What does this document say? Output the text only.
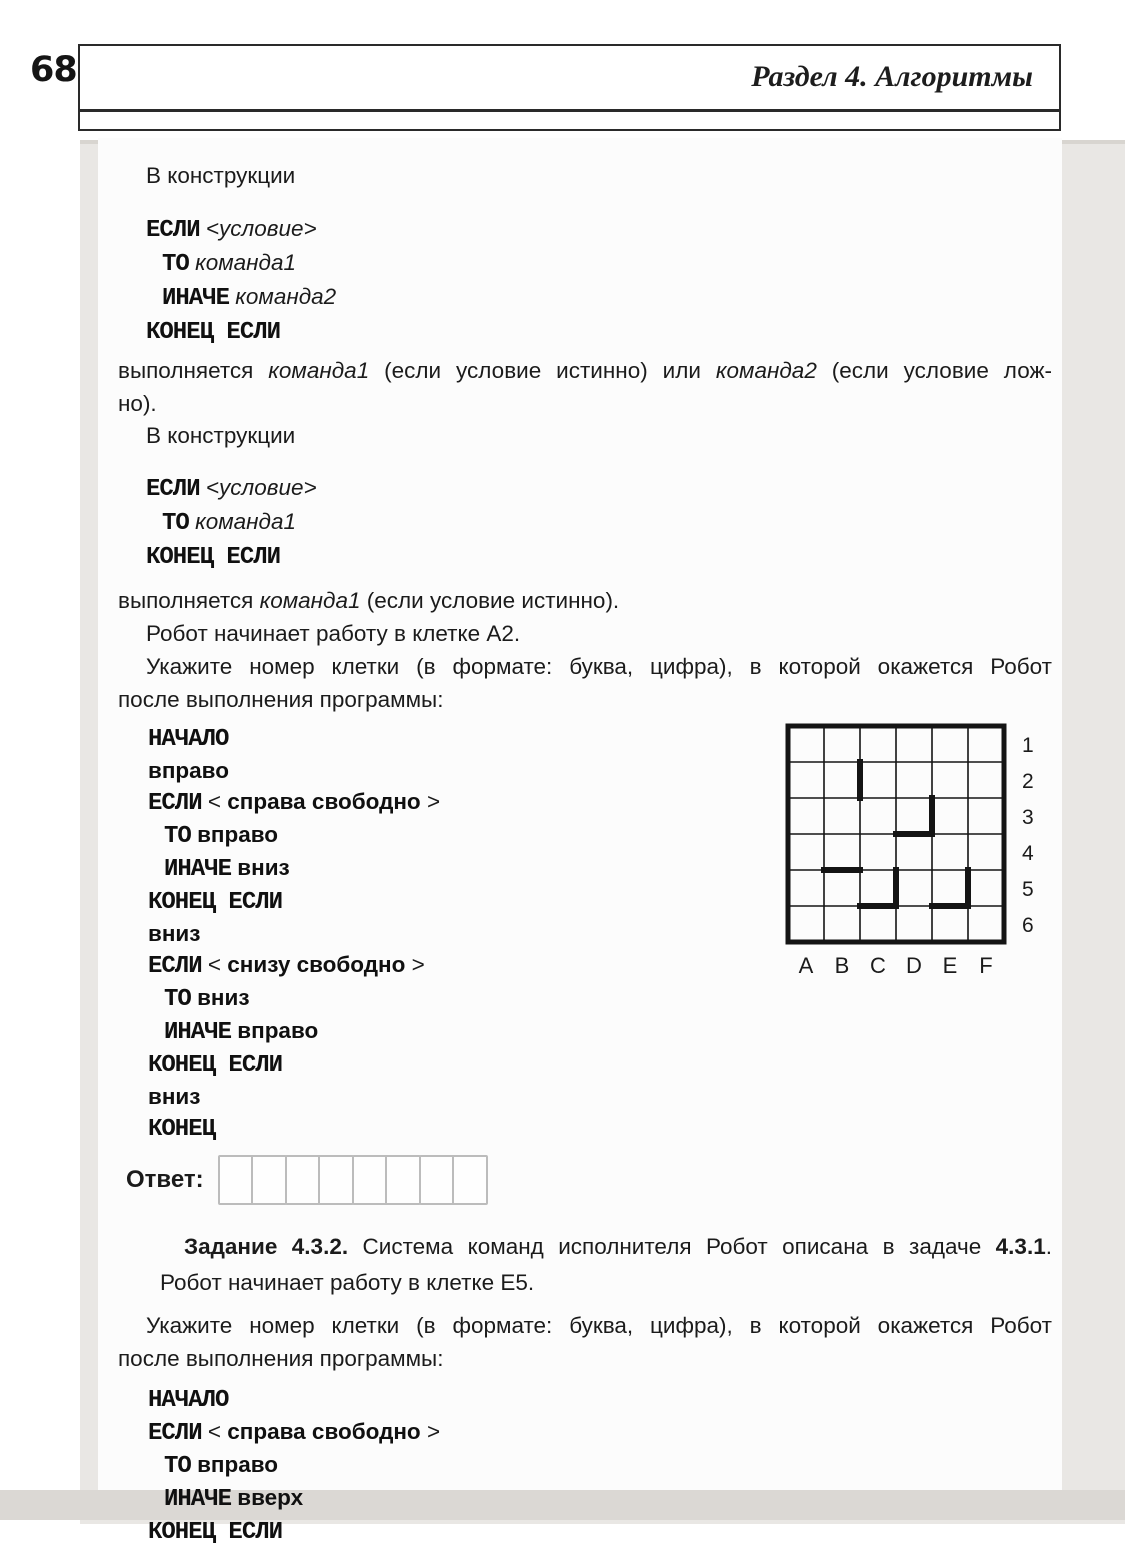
68	Раздел 4. Алгоритмы

В конструкции

ЕСЛИ <условие>
ТО команда1
ИНАЧЕ команда2
КОНЕЦ ЕСЛИ
выполняется команда1 (если условие истинно) или команда2 (если условие лож-
но).

В конструкции

ЕСЛИ <условие>
ТО команда1
КОНЕЦ ЕСЛИ
выполняется команда1 (если условие истинно).
Робот начинает работу в клетке А2.
Укажите номер клетки (в формате: буква, цифра), в которой окажется Робот
после выполнения программы:
НАЧАЛО
вправо
ЕСЛИ < справа свободно >
ТО вправо
ИНАЧЕ вниз
КОНЕЦ ЕСЛИ
вниз
ЕСЛИ < снизу свободно >
ТО вниз
ИНАЧЕ вправо
КОНЕЦ ЕСЛИ
вниз
КОНЕЦ
1
2
3
4
5
6
A B C D E F
Ответ:
Задание 4.3.2. Система команд исполнителя Робот описана в задаче 4.3.1.
Робот начинает работу в клетке Е5.
Укажите номер клетки (в формате: буква, цифра), в которой окажется Робот
после выполнения программы:
НАЧАЛО
ЕСЛИ < справа свободно >
ТО вправо
ИНАЧЕ вверх
КОНЕЦ ЕСЛИ
